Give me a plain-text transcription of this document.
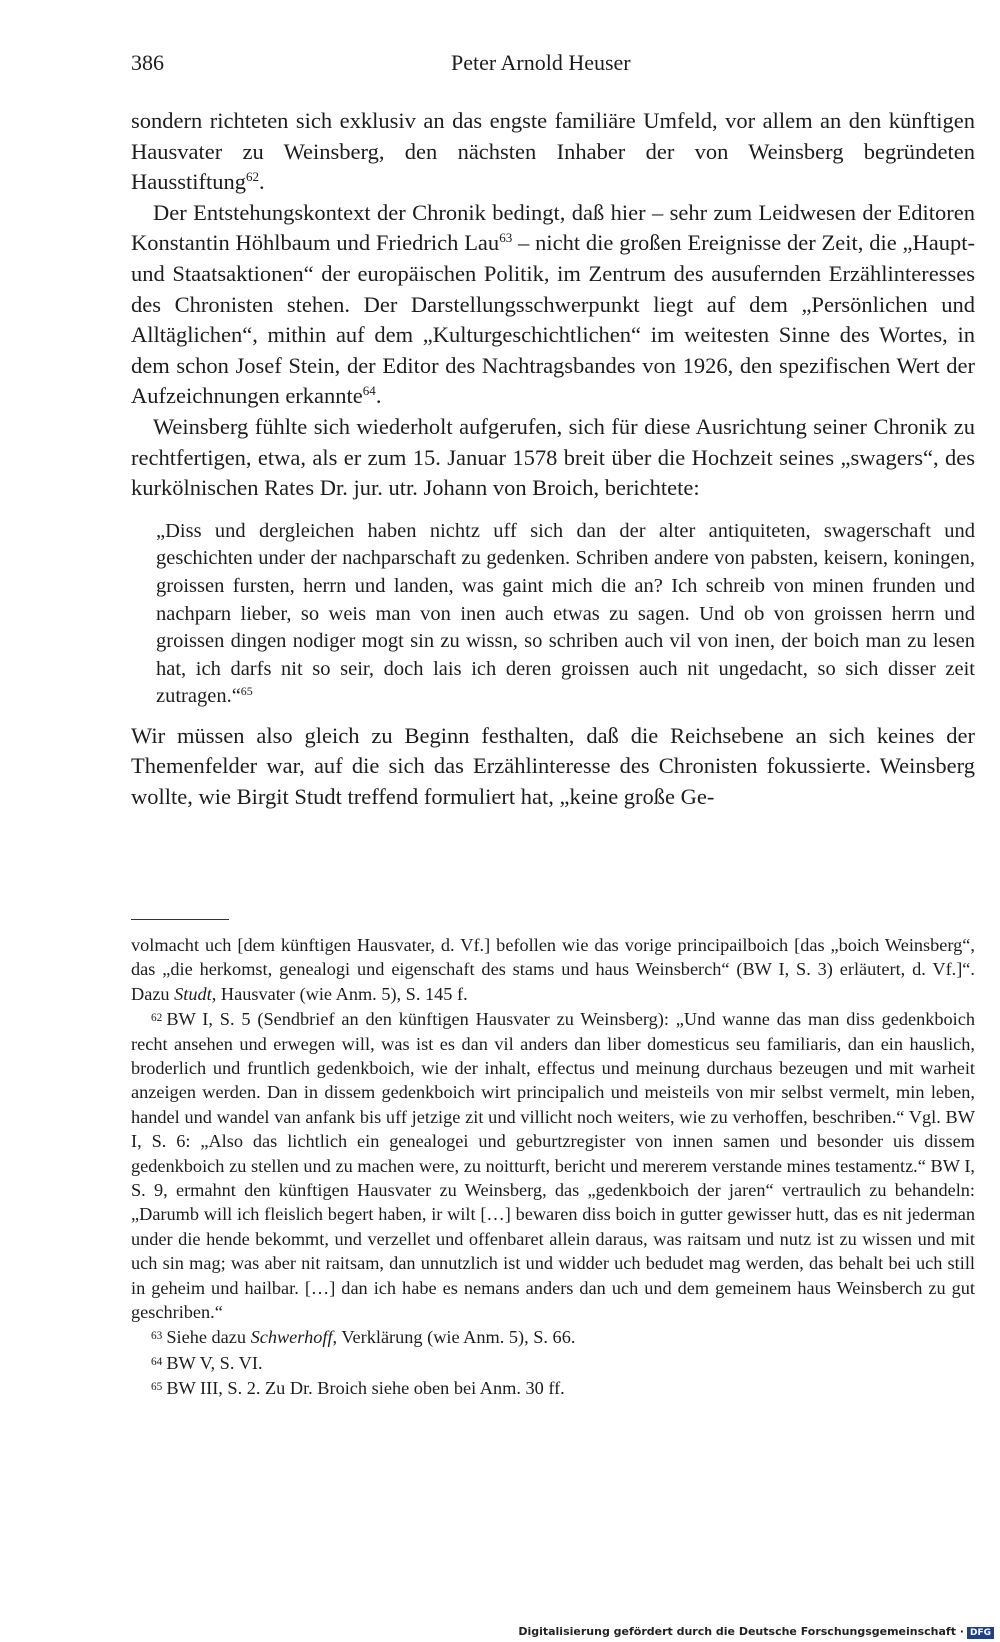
386	Peter Arnold Heuser

sondern richteten sich exklusiv an das engste familiäre Umfeld, vor allem an den künftigen Hausvater zu Weinsberg, den nächsten Inhaber der von Weinsberg begründeten Hausstiftung$^{62}$.

Der Entstehungskontext der Chronik bedingt, daß hier – sehr zum Leidwesen der Editoren Konstantin Höhlbaum und Friedrich Lau$^{63}$ – nicht die großen Ereignisse der Zeit, die „Haupt- und Staatsaktionen“ der europäischen Politik, im Zentrum des ausufernden Erzählinteresses des Chronisten stehen. Der Darstellungsschwerpunkt liegt auf dem „Persönlichen und Alltäglichen“, mithin auf dem „Kulturgeschichtlichen“ im weitesten Sinne des Wortes, in dem schon Josef Stein, der Editor des Nachtragsbandes von 1926, den spezifischen Wert der Aufzeichnungen erkannte$^{64}$.

Weinsberg fühlte sich wiederholt aufgerufen, sich für diese Ausrichtung seiner Chronik zu rechtfertigen, etwa, als er zum 15. Januar 1578 breit über die Hochzeit seines „swagers“, des kurkölnischen Rates Dr. jur. utr. Johann von Broich, berichtete:

„Diss und dergleichen haben nichtz uff sich dan der alter antiquiteten, swagerschaft und geschichten under der nachparschaft zu gedenken. Schriben andere von pabsten, keisern, koningen, groissen fursten, herrn und landen, was gaint mich die an? Ich schreib von minen frunden und nachparn lieber, so weis man von inen auch etwas zu sagen. Und ob von groissen herrn und groissen dingen nodiger mogt sin zu wissn, so schriben auch vil von inen, der boich man zu lesen hat, ich darfs nit so seir, doch lais ich deren groissen auch nit ungedacht, so sich disser zeit zutragen.“$^{65}$

Wir müssen also gleich zu Beginn festhalten, daß die Reichsebene an sich keines der Themenfelder war, auf die sich das Erzählinteresse des Chronisten fokussierte. Weinsberg wollte, wie Birgit Studt treffend formuliert hat, „keine große Ge-

volmacht uch [dem künftigen Hausvater, d. Vf.] befollen wie das vorige principailboich [das „boich Weinsberg“, das „die herkomst, genealogi und eigenschaft des stams und haus Weinsberch“ (BW I, S. 3) erläutert, d. Vf.]“. Dazu Studt, Hausvater (wie Anm. 5), S. 145 f.

$^{62}$ BW I, S. 5 (Sendbrief an den künftigen Hausvater zu Weinsberg): „Und wanne das man diss gedenkboich recht ansehen und erwegen will, was ist es dan vil anders dan liber domesticus seu familiaris, dan ein hauslich, broderlich und fruntlich gedenkboich, wie der inhalt, effectus und meinung durchaus bezeugen und mit warheit anzeigen werden. Dan in dissem gedenkboich wirt principalich und meisteils von mir selbst vermelt, min leben, handel und wandel van anfank bis uff jetzige zit und villicht noch weiters, wie zu verhoffen, beschriben.“ Vgl. BW I, S. 6: „Also das lichtlich ein genealogei und geburtzregister von innen samen und besonder uis dissem gedenkboich zu stellen und zu machen were, zu noitturft, bericht und mererem verstande mines testamentz.“ BW I, S. 9, ermahnt den künftigen Hausvater zu Weinsberg, das „gedenkboich der jaren“ vertraulich zu behandeln: „Darumb will ich fleislich begert haben, ir wilt […] bewaren diss boich in gutter gewisser hutt, das es nit jederman under die hende bekommt, und verzellet und offenbaret allein daraus, was raitsam und nutz ist zu wissen und mit uch sin mag; was aber nit raitsam, dan unnutzlich ist und widder uch bedudet mag werden, das behalt bei uch still in geheim und hailbar. […] dan ich habe es nemans anders dan uch und dem gemeinem haus Weinsberch zu gut geschriben.“

$^{63}$ Siehe dazu Schwerhoff, Verklärung (wie Anm. 5), S. 66.

$^{64}$ BW V, S. VI.

$^{65}$ BW III, S. 2. Zu Dr. Broich siehe oben bei Anm. 30 ff.

Digitalisierung gefördert durch die Deutsche Forschungsgemeinschaft · DFG
